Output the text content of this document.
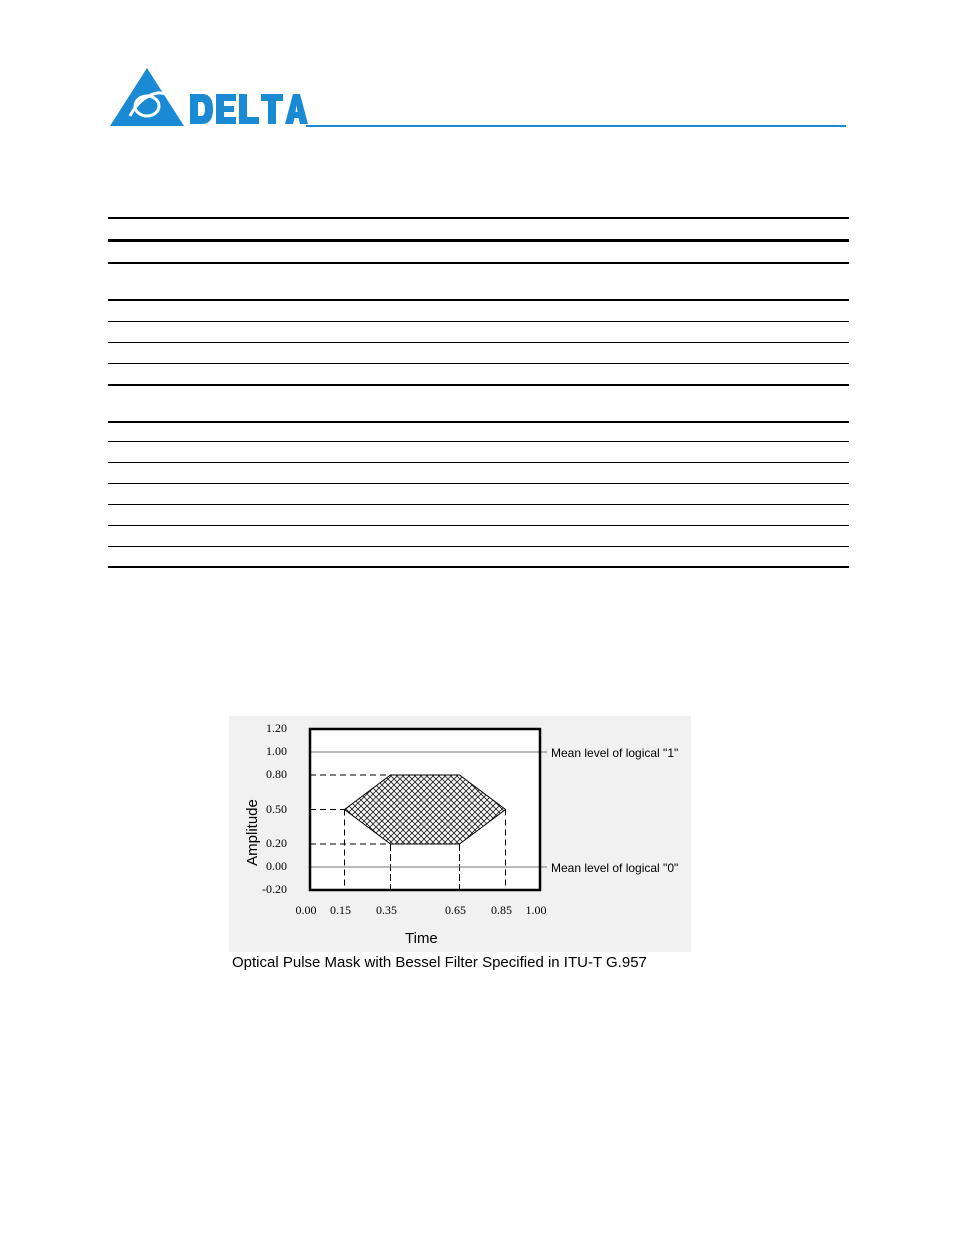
1.20
1.00
0.80
0.50
0.20
0.00
-0.20
0.00 0.15 0.35	0.65 0.85 1.00
Mean level of logical "1"
Mean level of logical "0"
Amplitude
Time
Optical Pulse Mask with Bessel Filter Specified in ITU-T G.957
